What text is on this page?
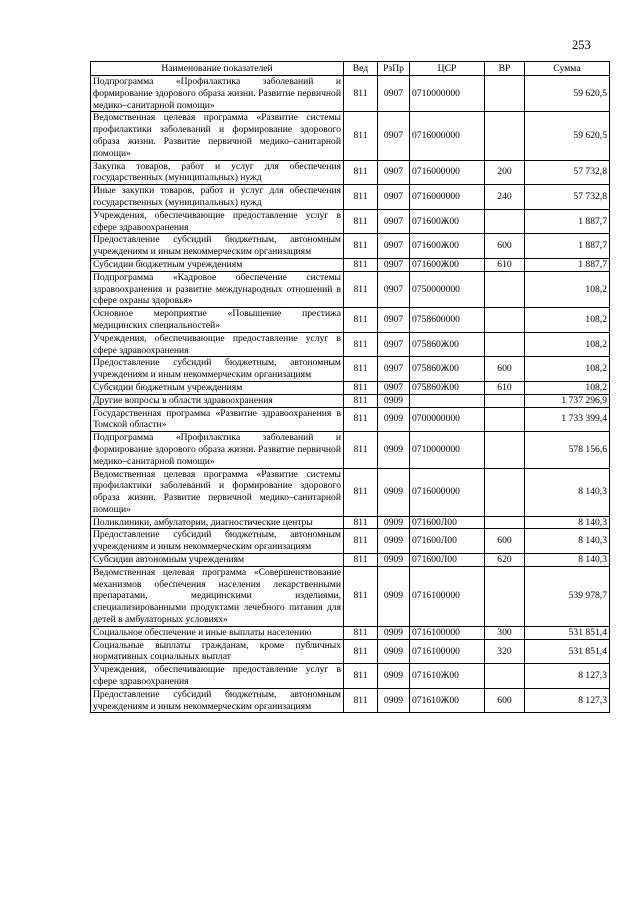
253
Наименование показателей	Вед	РзПр	ЦСР	ВР	Сумма
Подпрограмма «Профилактика заболеваний и формирование здорового образа жизни. Развитие первичной медико–санитарной помощи»	811	0907	0710000000		59 620,5
Ведомственная целевая программа «Развитие системы профилактики заболеваний и формирование здорового образа жизни. Развитие первичной медико–санитарной помощи»	811	0907	0716000000		59 620,5
Закупка товаров, работ и услуг для обеспечения государственных (муниципальных) нужд	811	0907	0716000000	200	57 732,8
Иные закупки товаров, работ и услуг для обеспечения государственных (муниципальных) нужд	811	0907	0716000000	240	57 732,8
Учреждения, обеспечивающие предоставление услуг в сфере здравоохранения	811	0907	071600Ж00		1 887,7
Предоставление субсидий бюджетным, автономным учреждениям и иным некоммерческим организациям	811	0907	071600Ж00	600	1 887,7
Субсидии бюджетным учреждениям	811	0907	071600Ж00	610	1 887,7
Подпрограмма «Кадровое обеспечение системы здравоохранения и развитие международных отношений в сфере охраны здоровья»	811	0907	0750000000		108,2
Основное мероприятие «Повышение престижа медицинских специальностей»	811	0907	0758600000		108,2
Учреждения, обеспечивающие предоставление услуг в сфере здравоохранения	811	0907	075860Ж00		108,2
Предоставление субсидий бюджетным, автономным учреждениям и иным некоммерческим организациям	811	0907	075860Ж00	600	108,2
Субсидии бюджетным учреждениям	811	0907	075860Ж00	610	108,2
Другие вопросы в области здравоохранения	811	0909			1 737 296,9
Государственная программа «Развитие здравоохранения в Томской области»	811	0909	0700000000		1 733 399,4
Подпрограмма «Профилактика заболеваний и формирование здорового образа жизни. Развитие первичной медико–санитарной помощи»	811	0909	0710000000		578 156,6
Ведомственная целевая программа «Развитие системы профилактики заболеваний и формирование здорового образа жизни. Развитие первичной медико–санитарной помощи»	811	0909	0716000000		8 140,3
Поликлиники, амбулатории, диагностические центры	811	0909	071600Л00		8 140,3
Предоставление субсидий бюджетным, автономным учреждениям и иным некоммерческим организациям	811	0909	071600Л00	600	8 140,3
Субсидии автономным учреждениям	811	0909	071600Л00	620	8 140,3
Ведомственная целевая программа «Совершенствование механизмов обеспечения населения лекарственными препаратами, медицинскими изделиями, специализированными продуктами лечебного питания для детей в амбулаторных условиях»	811	0909	0716100000		539 978,7
Социальное обеспечение и иные выплаты населению	811	0909	0716100000	300	531 851,4
Социальные выплаты гражданам, кроме публичных нормативных социальных выплат	811	0909	0716100000	320	531 851,4
Учреждения, обеспечивающие предоставление услуг в сфере здравоохранения	811	0909	071610Ж00		8 127,3
Предоставление субсидий бюджетным, автономным учреждениям и иным некоммерческим организациям	811	0909	071610Ж00	600	8 127,3
